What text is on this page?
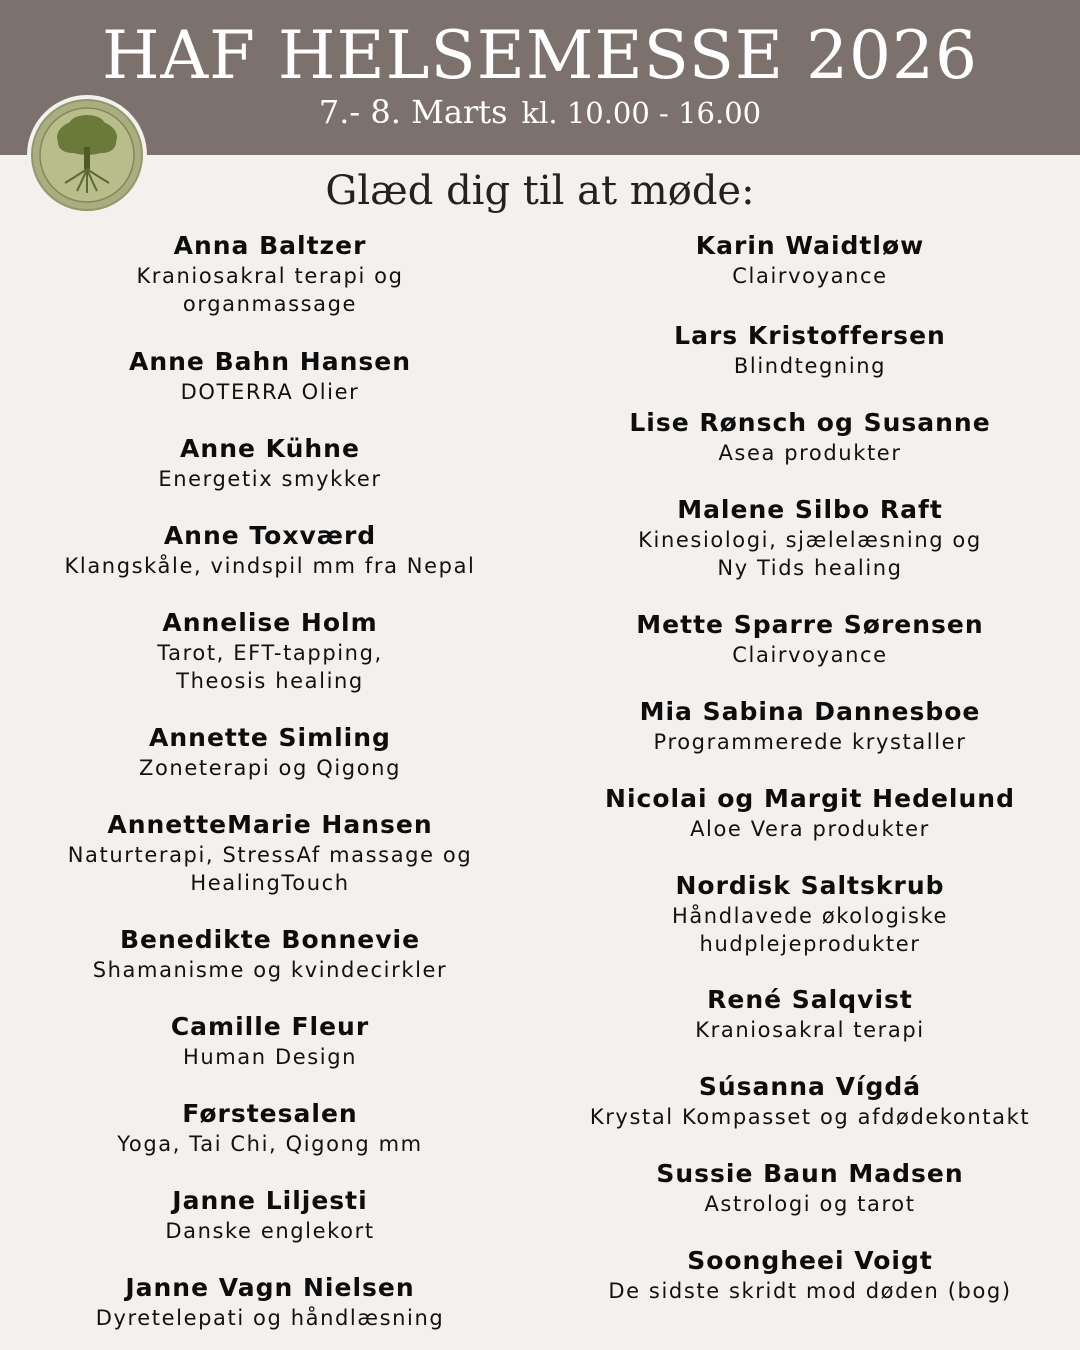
HAF HELSEMESSE 2026
7.- 8. Marts kl. 10.00 - 16.00
Glæd dig til at møde:
Anna Baltzer
Kraniosakral terapi og
organmassage
Anne Bahn Hansen
DOTERRA Olier
Anne Kühne
Energetix smykker
Anne Toxværd
Klangskåle, vindspil mm fra Nepal
Annelise Holm
Tarot, EFT-tapping,
Theosis healing
Annette Simling
Zoneterapi og Qigong
AnnetteMarie Hansen
Naturterapi, StressAf massage og
HealingTouch
Benedikte Bonnevie
Shamanisme og kvindecirkler
Camille Fleur
Human Design
Førstesalen
Yoga, Tai Chi, Qigong mm
Janne Liljesti
Danske englekort
Janne Vagn Nielsen
Dyretelepati og håndlæsning
Karin Waidtløw
Clairvoyance
Lars Kristoffersen
Blindtegning
Lise Rønsch og Susanne
Asea produkter
Malene Silbo Raft
Kinesiologi, sjælelæsning og
Ny Tids healing
Mette Sparre Sørensen
Clairvoyance
Mia Sabina Dannesboe
Programmerede krystaller
Nicolai og Margit Hedelund
Aloe Vera produkter
Nordisk Saltskrub
Håndlavede økologiske
hudplejeprodukter
René Salqvist
Kraniosakral terapi
Súsanna Vígdá
Krystal Kompasset og afdødekontakt
Sussie Baun Madsen
Astrologi og tarot
Soongheei Voigt
De sidste skridt mod døden (bog)
